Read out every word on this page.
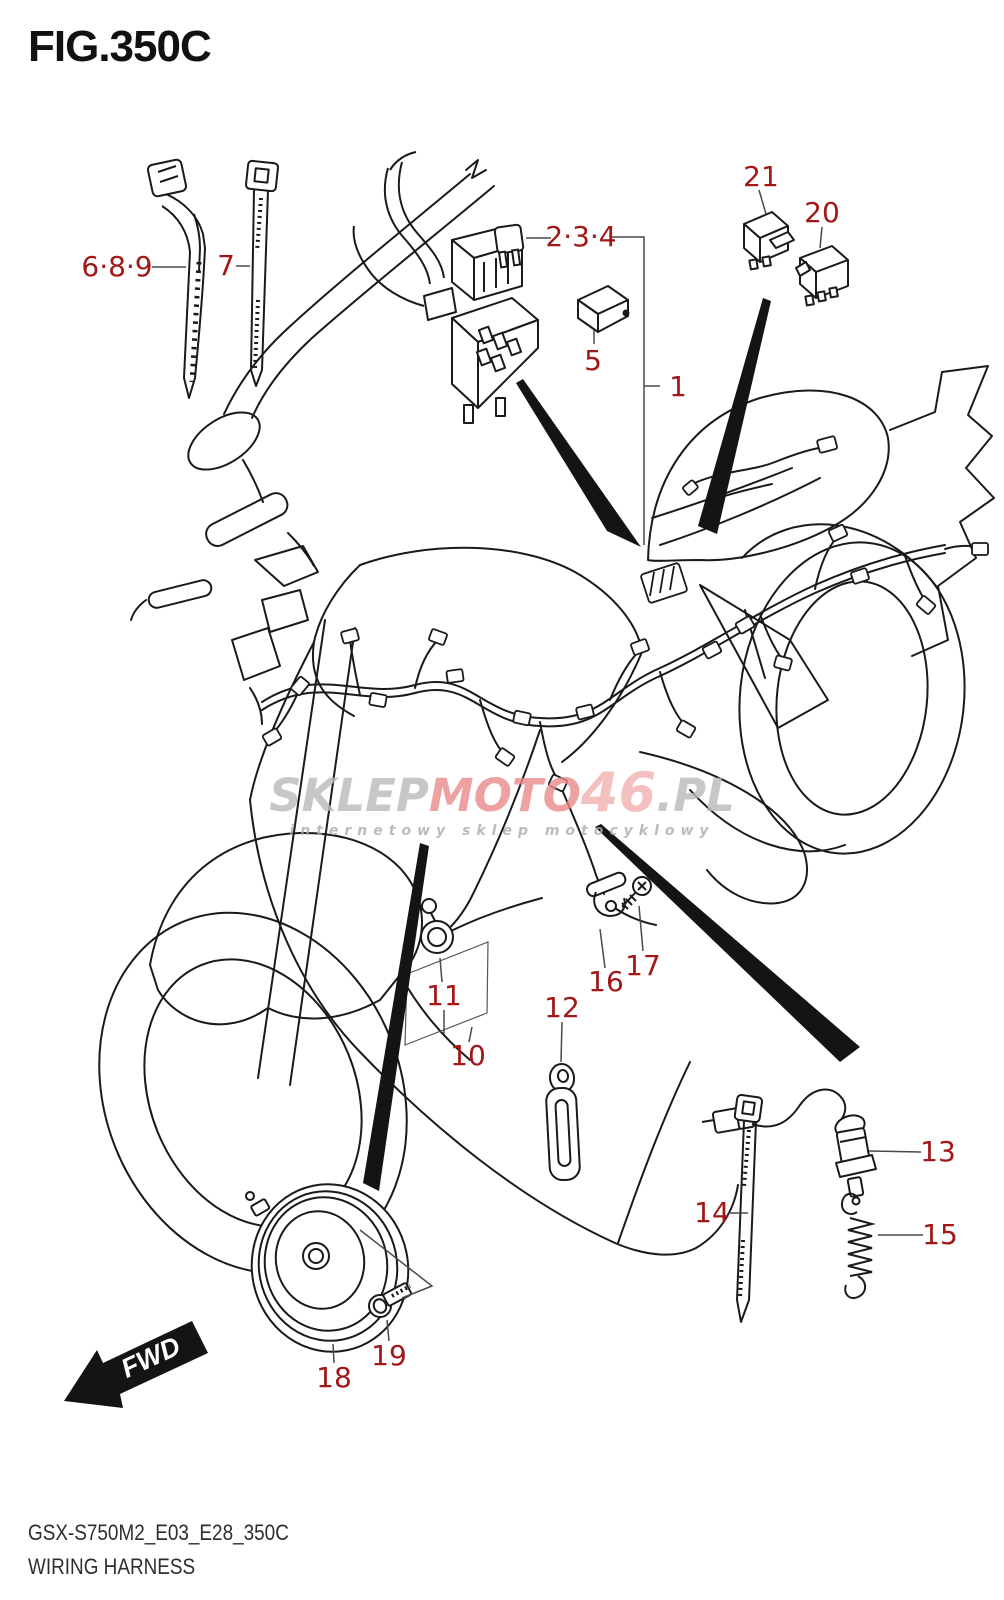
FIG.350C
FWD
SKLEPMOTO46.PL
internetowy sklep motocyklowy
6·8·9 7
2·3·4
5
1
21
20
11
10
12
16 17
13
14
15
18
19
GSX-S750M2_E03_E28_350C
WIRING HARNESS
